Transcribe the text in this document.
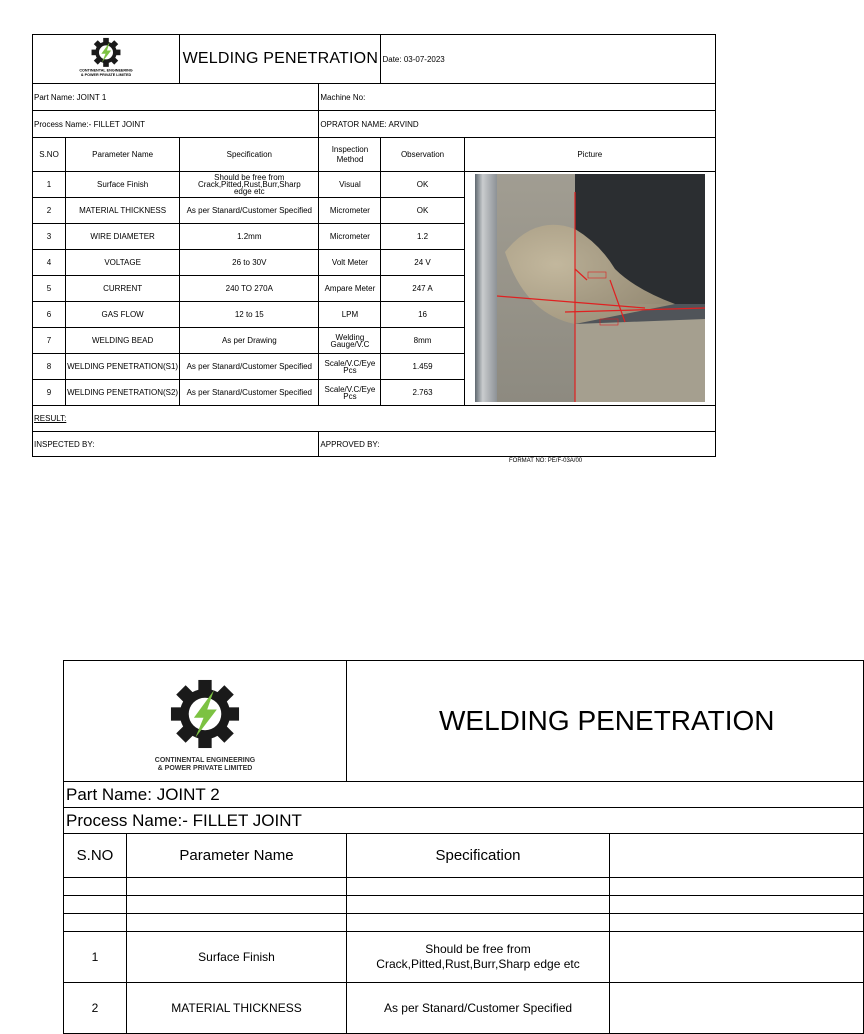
CONTINENTAL ENGINEERING
& POWER PRIVATE LIMITED		WELDING PENETRATION		Date: 03-07-2023	
Part Name: JOINT 1			Machine No:		
Process Name:- FILLET JOINT			OPRATOR NAME: ARVIND		
S.NO	Parameter Name	Specification	Inspection Method	Observation	Picture
1	Surface Finish	Should be free from Crack,Pitted,Rust,Burr,Sharp edge etc	Visual	OK	
2	MATERIAL THICKNESS	As per Stanard/Customer Specified	Micrometer	OK	
3	WIRE DIAMETER	1.2mm	Micrometer	1.2	
4	VOLTAGE	26 to 30V	Volt Meter	24 V	
5	CURRENT	240 TO 270A	Ampare Meter	247 A	
6	GAS FLOW	12 to 15	LPM	16	
7	WELDING BEAD	As per Drawing	Welding Gauge/V.C	8mm	
8	WELDING PENETRATION(S1)	As per Stanard/Customer Specified	Scale/V.C/Eye Pcs	1.459	
9	WELDING PENETRATION(S2)	As per Stanard/Customer Specified	Scale/V.C/Eye Pcs	2.763	
RESULT:					
INSPECTED BY:			APPROVED BY:		
FORMAT NO: PE/F-03A/00
CONTINENTAL ENGINEERING
& POWER PRIVATE LIMITED		WELDING PENETRATION	
Part Name: JOINT 2			
Process Name:- FILLET JOINT			
S.NO	Parameter Name	Specification	

1	Surface Finish	Should be free from
Crack,Pitted,Rust,Burr,Sharp edge etc	

2	MATERIAL THICKNESS	As per Stanard/Customer Specified	
